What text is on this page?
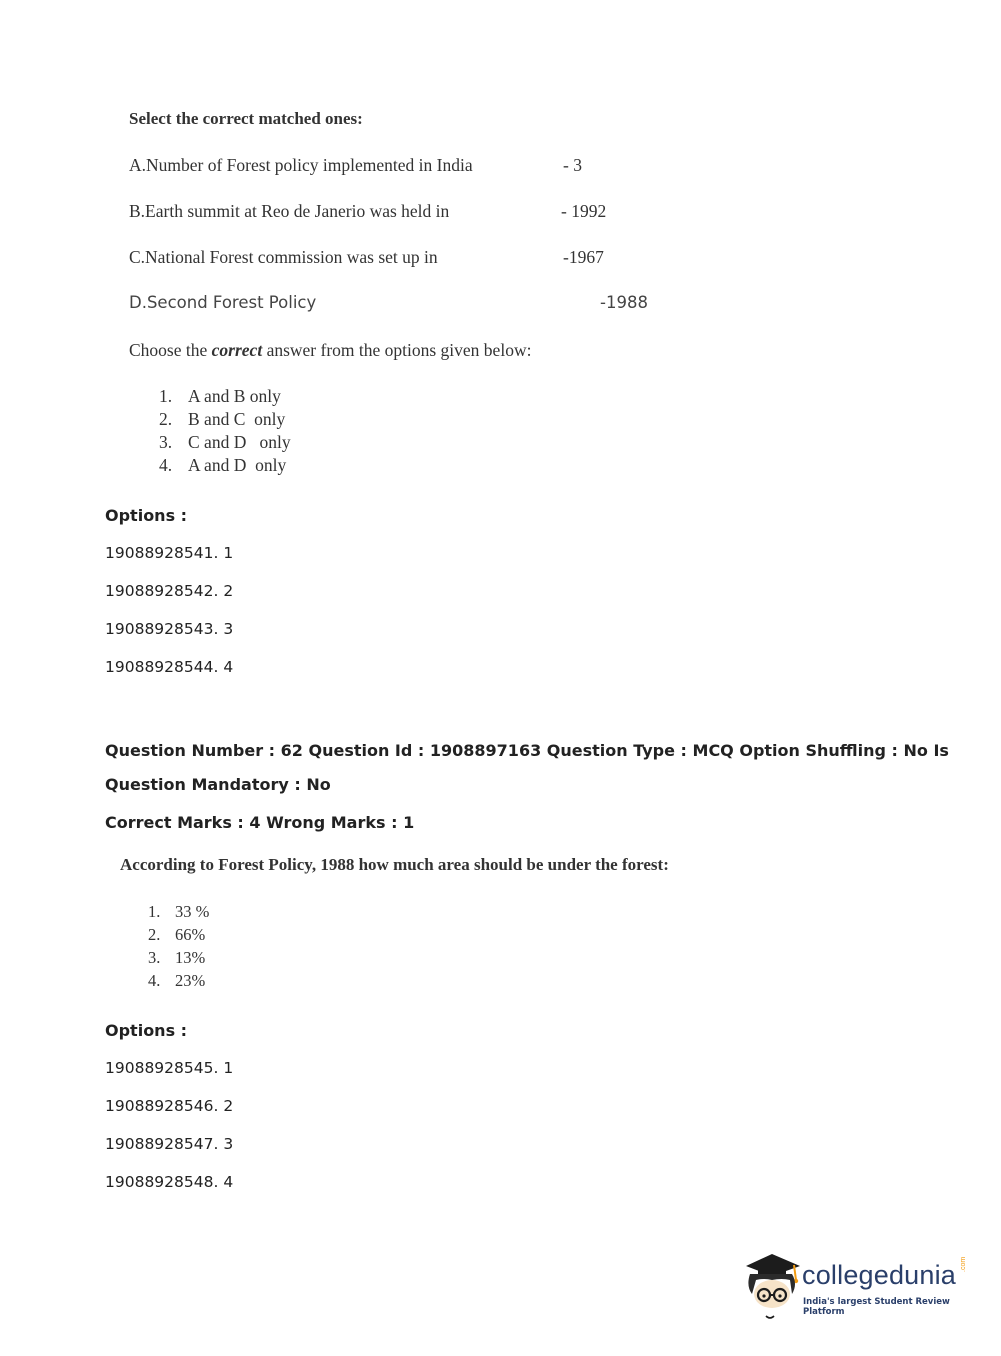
Select the correct matched ones:
A.Number of Forest policy implemented in India	- 3
B.Earth summit at Reo de Janerio was held in	- 1992
C.National Forest commission was set up in	-1967
D.Second Forest Policy	-1988
Choose the correct answer from the options given below:
1. A and B only
2. B and C  only
3. C and D   only
4. A and D  only
Options :
19088928541. 1
19088928542. 2
19088928543. 3
19088928544. 4
Question Number : 62 Question Id : 1908897163 Question Type : MCQ Option Shuffling : No Is
Question Mandatory : No
Correct Marks : 4 Wrong Marks : 1
According to Forest Policy, 1988 how much area should be under the forest:
1. 33 %
2. 66%
3. 13%
4. 23%
Options :
19088928545. 1
19088928546. 2
19088928547. 3
19088928548. 4
collegedunia .com
India's largest Student Review Platform
